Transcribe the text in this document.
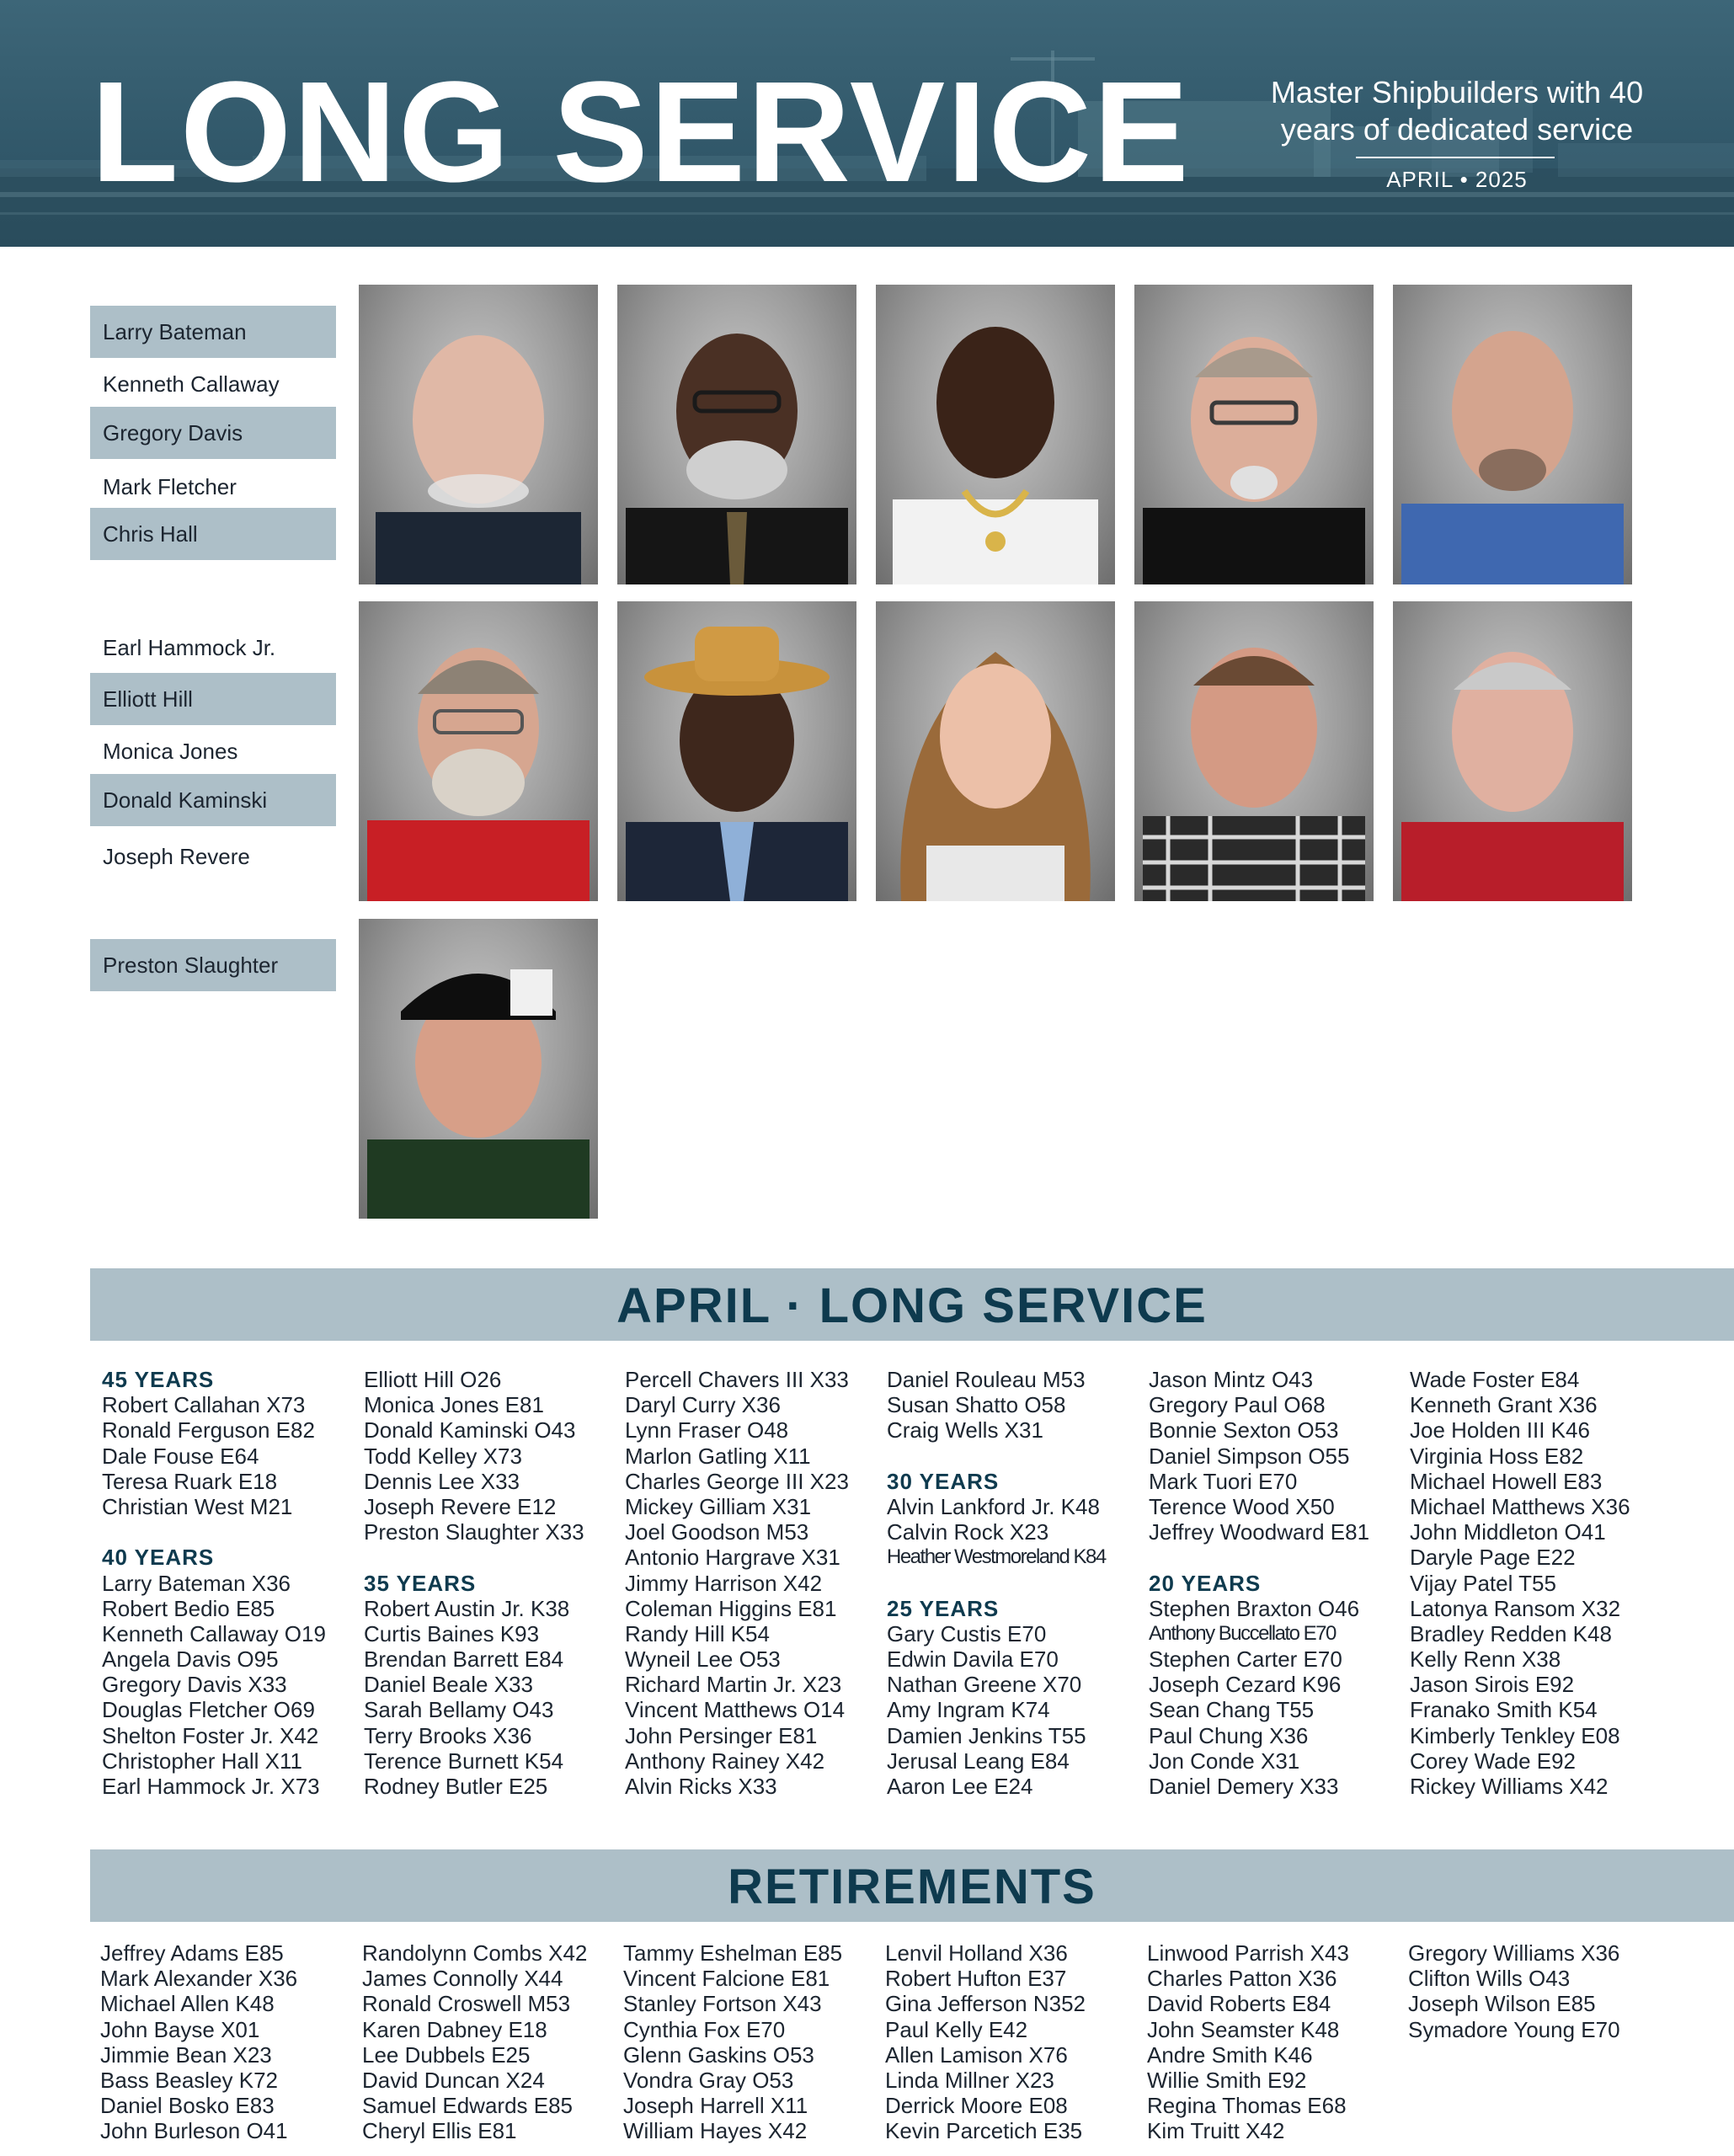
LONG SERVICE	Master Shipbuilders with 40
years of dedicated service
APRIL • 2025
Larry Bateman
Kenneth Callaway
Gregory Davis
Mark Fletcher
Chris Hall
Earl Hammock Jr.
Elliott Hill
Monica Jones
Donald Kaminski
Joseph Revere
Preston Slaughter
APRIL · LONG SERVICE
45 YEARS
Robert Callahan X73
Ronald Ferguson E82
Dale Fouse E64
Teresa Ruark E18
Christian West M21
40 YEARS
Larry Bateman X36
Robert Bedio E85
Kenneth Callaway O19
Angela Davis O95
Gregory Davis X33
Douglas Fletcher O69
Shelton Foster Jr. X42
Christopher Hall X11
Earl Hammock Jr. X73
Elliott Hill O26
Monica Jones E81
Donald Kaminski O43
Todd Kelley X73
Dennis Lee X33
Joseph Revere E12
Preston Slaughter X33
35 YEARS
Robert Austin Jr. K38
Curtis Baines K93
Brendan Barrett E84
Daniel Beale X33
Sarah Bellamy O43
Terry Brooks X36
Terence Burnett K54
Rodney Butler E25
Percell Chavers III X33
Daryl Curry X36
Lynn Fraser O48
Marlon Gatling X11
Charles George III X23
Mickey Gilliam X31
Joel Goodson M53
Antonio Hargrave X31
Jimmy Harrison X42
Coleman Higgins E81
Randy Hill K54
Wyneil Lee O53
Richard Martin Jr. X23
Vincent Matthews O14
John Persinger E81
Anthony Rainey X42
Alvin Ricks X33
Daniel Rouleau M53
Susan Shatto O58
Craig Wells X31
30 YEARS
Alvin Lankford Jr. K48
Calvin Rock X23
Heather Westmoreland K84
25 YEARS
Gary Custis E70
Edwin Davila E70
Nathan Greene X70
Amy Ingram K74
Damien Jenkins T55
Jerusal Leang E84
Aaron Lee E24
Jason Mintz O43
Gregory Paul O68
Bonnie Sexton O53
Daniel Simpson O55
Mark Tuori E70
Terence Wood X50
Jeffrey Woodward E81
20 YEARS
Stephen Braxton O46
Anthony Buccellato E70
Stephen Carter E70
Joseph Cezard K96
Sean Chang T55
Paul Chung X36
Jon Conde X31
Daniel Demery X33
Wade Foster E84
Kenneth Grant X36
Joe Holden III K46
Virginia Hoss E82
Michael Howell E83
Michael Matthews X36
John Middleton O41
Daryle Page E22
Vijay Patel T55
Latonya Ransom X32
Bradley Redden K48
Kelly Renn X38
Jason Sirois E92
Franako Smith K54
Kimberly Tenkley E08
Corey Wade E92
Rickey Williams X42
RETIREMENTS
Jeffrey Adams E85
Mark Alexander X36
Michael Allen K48
John Bayse X01
Jimmie Bean X23
Bass Beasley K72
Daniel Bosko E83
John Burleson O41
Randolynn Combs X42
James Connolly X44
Ronald Croswell M53
Karen Dabney E18
Lee Dubbels E25
David Duncan X24
Samuel Edwards E85
Cheryl Ellis E81
Tammy Eshelman E85
Vincent Falcione E81
Stanley Fortson X43
Cynthia Fox E70
Glenn Gaskins O53
Vondra Gray O53
Joseph Harrell X11
William Hayes X42
Lenvil Holland X36
Robert Hufton E37
Gina Jefferson N352
Paul Kelly E42
Allen Lamison X76
Linda Millner X23
Derrick Moore E08
Kevin Parcetich E35
Linwood Parrish X43
Charles Patton X36
David Roberts E84
John Seamster K48
Andre Smith K46
Willie Smith E92
Regina Thomas E68
Kim Truitt X42
Gregory Williams X36
Clifton Wills O43
Joseph Wilson E85
Symadore Young E70
